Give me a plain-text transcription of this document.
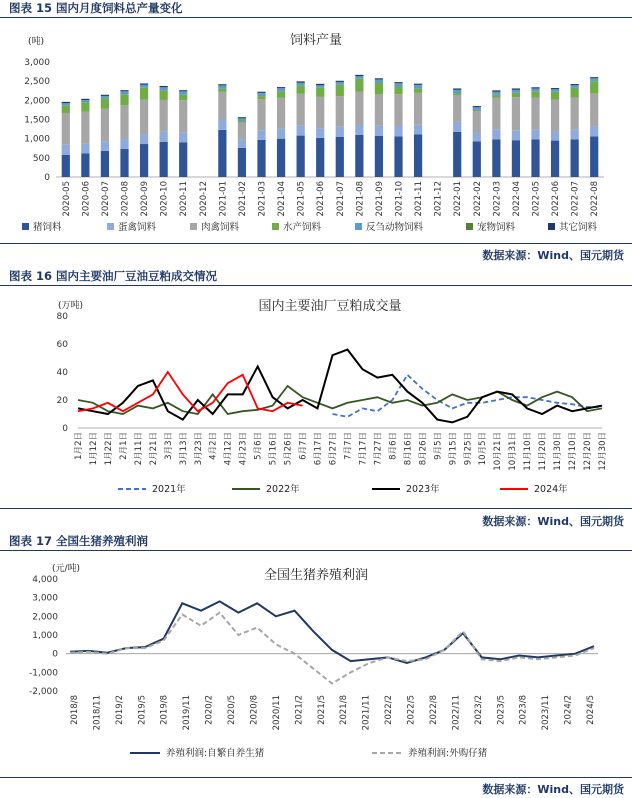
图表 15 国内月度饲料总产量变化
饲料产量
(吨)
0
500
1,000
1,500
2,000
2,500
3,000
2020-05 2020-06 2020-07 2020-08 2020-09 2020-10 2020-11 2020-12 2021-01 2021-02 2021-03 2021-04 2021-05 2021-06 2021-07 2021-08 2021-09 2021-10 2021-11 2021-12 2022-01 2022-02 2022-03 2022-04 2022-05 2022-06 2022-07 2022-08
猪饲料	蛋禽饲料	肉禽饲料	水产饲料	反刍动物饲料	宠物饲料	其它饲料
数据来源：Wind、国元期货
图表 16 国内主要油厂豆油豆粕成交情况
国内主要油厂豆粕成交量
(万吨)
0
20
40
60
80
1月2日 1月12日 1月22日 2月1日 2月11日 2月21日 3月3日 3月13日 3月23日 4月2日 4月12日 4月23日 5月6日 5月16日 5月26日 6月7日 6月17日 6月27日 7月7日 7月17日 7月27日 8月6日 8月16日 8月26日 9月5日 9月15日 9月25日 10月5日 10月21日 10月31日 11月10日 11月20日 11月30日 12月10日 12月20日 12月30日
2021年	2022年	2023年	2024年
数据来源：Wind、国元期货
图表 17 全国生猪养殖利润
全国生猪养殖利润
(元/吨)
-2,000
-1,000
0
1,000
2,000
3,000
4,000
2018/8 2018/11 2019/2 2019/5 2019/8 2019/11 2020/2 2020/5 2020/8 2020/11 2021/2 2021/5 2021/8 2021/11 2022/2 2022/5 2022/8 2022/11 2023/2 2023/5 2023/8 2023/11 2024/2 2024/5
养殖利润:自繁自养生猪	养殖利润:外购仔猪
数据来源：Wind、国元期货
